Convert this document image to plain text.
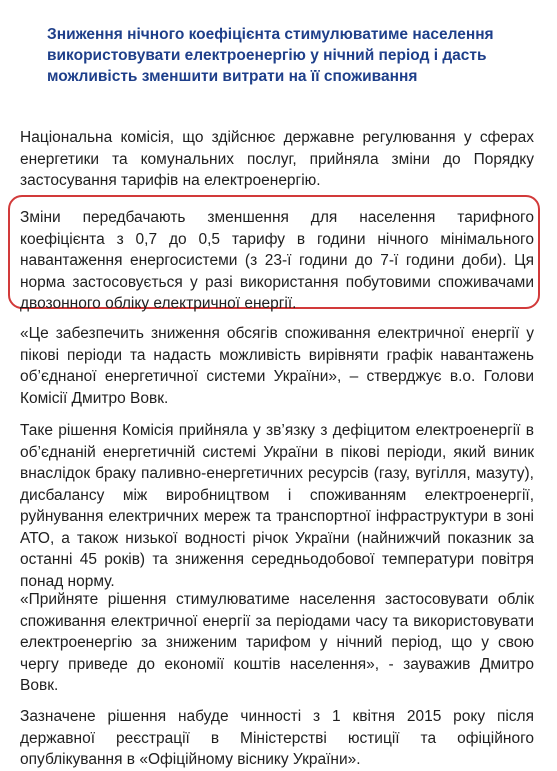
Зниження нічного коефіцієнта стимулюватиме населення використовувати електроенергію у нічний період і дасть можливість зменшити витрати на її споживання

Національна комісія, що здійснює державне регулювання у сферах енергетики та комунальних послуг, прийняла зміни до Порядку застосування тарифів на електроенергію.

Зміни передбачають зменшення для населення тарифного коефіцієнта з 0,7 до 0,5 тарифу в години нічного мінімального навантаження енергосистеми (з 23-ї години до 7-ї години доби). Ця норма застосовується у разі використання побутовими споживачами двозонного обліку електричної енергії.

«Це забезпечить зниження обсягів споживання електричної енергії у пікові періоди та надасть можливість вирівняти графік навантажень об’єднаної енергетичної системи України», – стверджує в.о. Голови Комісії Дмитро Вовк.

Таке рішення Комісія прийняла у зв’язку з дефіцитом електроенергії в об’єднаній енергетичній системі України в пікові періоди, який виник внаслідок браку паливно-енергетичних ресурсів (газу, вугілля, мазуту), дисбалансу між виробництвом і споживанням електроенергії, руйнування електричних мереж та транспортної інфраструктури в зоні АТО, а також низької водності річок України (найнижчий показник за останні 45 років) та зниження середньодобової температури повітря понад норму.

«Прийняте рішення стимулюватиме населення застосовувати облік споживання електричної енергії за періодами часу та використовувати електроенергію за зниженим тарифом у нічний період, що у свою чергу приведе до економії коштів населення», - зауважив Дмитро Вовк.

Зазначене рішення набуде чинності з 1 квітня 2015 року після державної реєстрації в Міністерстві юстиції та офіційного опублікування в «Офіційному віснику України».
